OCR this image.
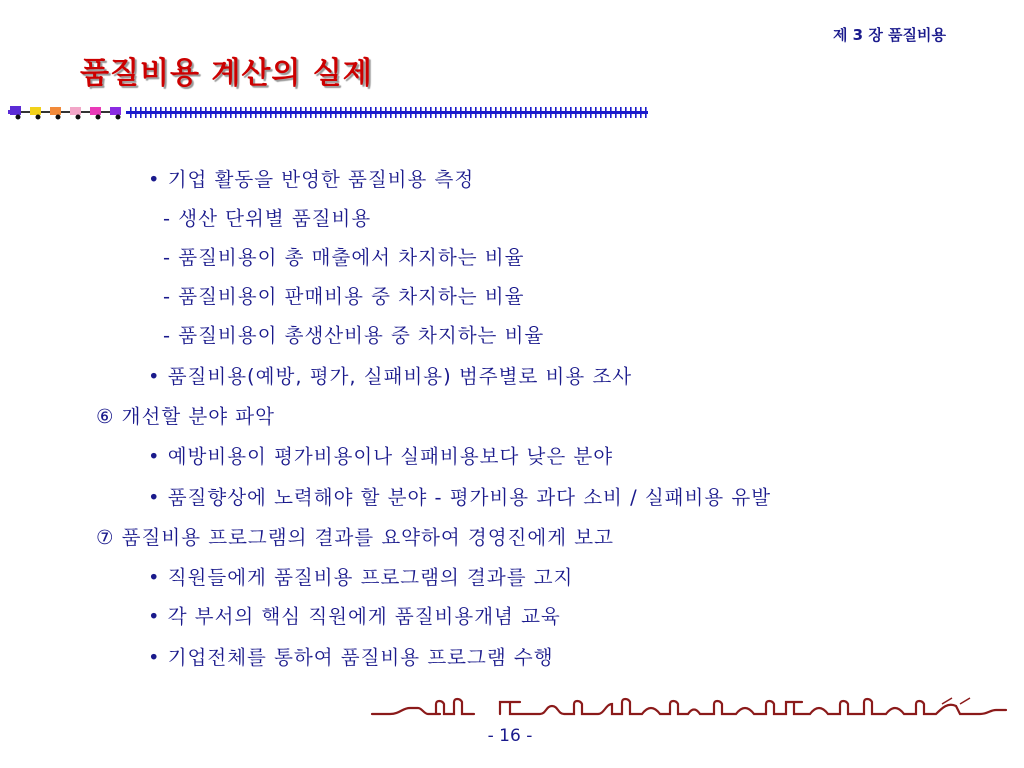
제 3 장 품질비용
품질비용 계산의 실제
• 기업 활동을 반영한 품질비용 측정
- 생산 단위별 품질비용
- 품질비용이 총 매출에서 차지하는 비율
- 품질비용이 판매비용 중 차지하는 비율
- 품질비용이 총생산비용 중 차지하는 비율
• 품질비용(예방, 평가, 실패비용) 범주별로 비용 조사
⑥ 개선할 분야 파악
• 예방비용이 평가비용이나 실패비용보다 낮은 분야
• 품질향상에 노력해야 할 분야 - 평가비용 과다 소비 / 실패비용 유발
⑦ 품질비용 프로그램의 결과를 요약하여 경영진에게 보고
• 직원들에게 품질비용 프로그램의 결과를 고지
• 각 부서의 핵심 직원에게 품질비용개념 교육
• 기업전체를 통하여 품질비용 프로그램 수행
- 16 -
